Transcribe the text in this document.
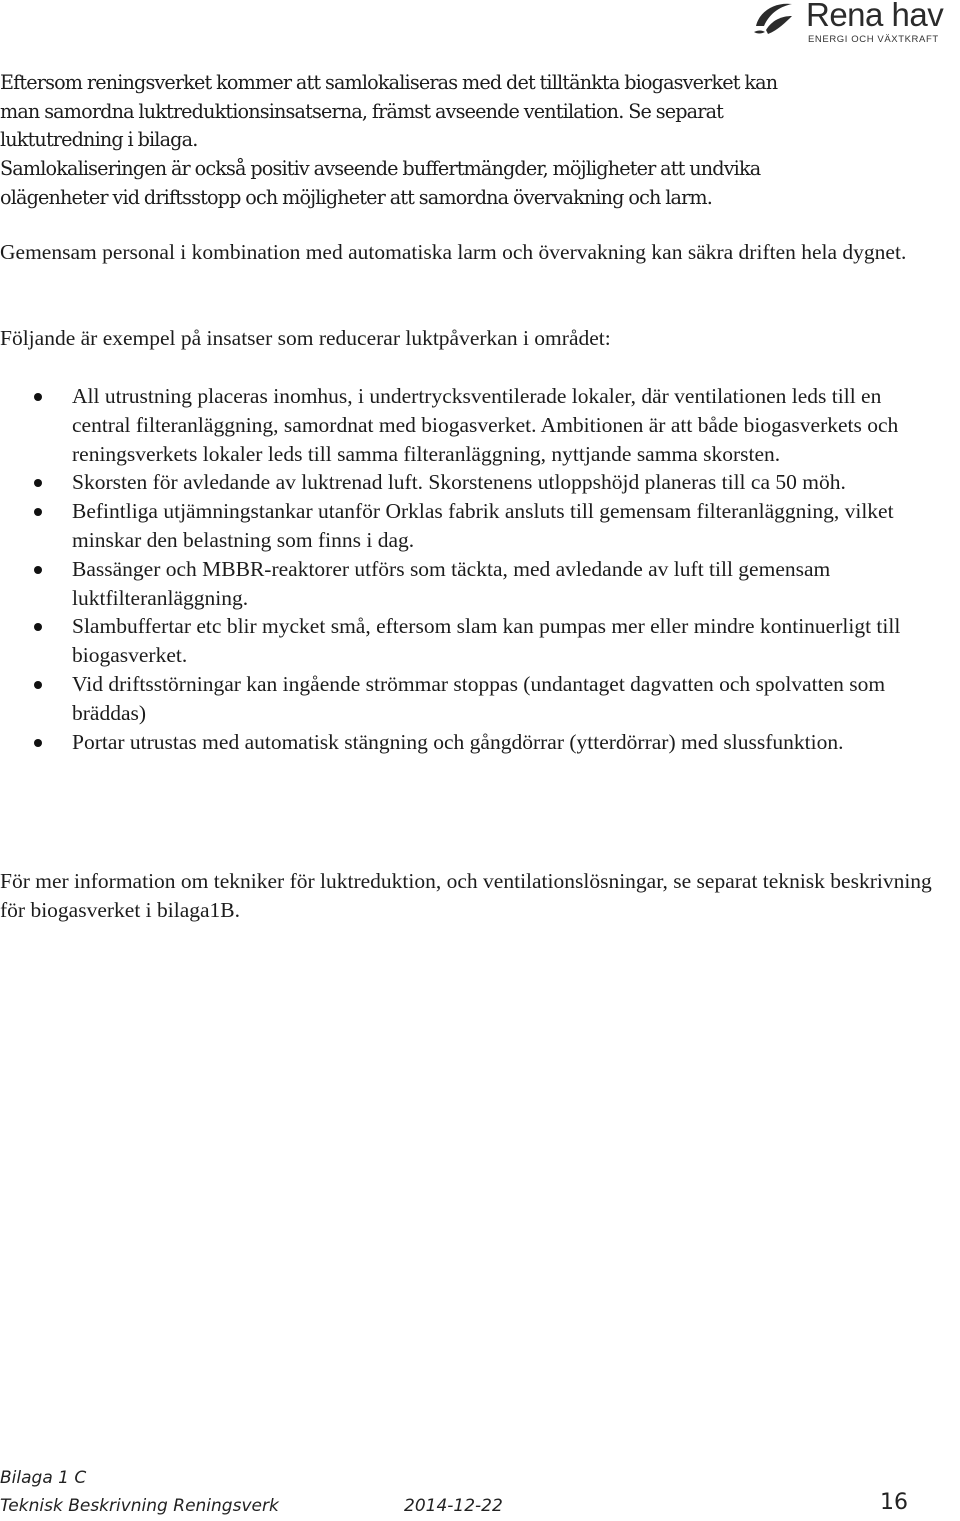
Rena hav
ENERGI OCH VÄXTKRAFT

Eftersom reningsverket kommer att samlokaliseras med det tilltänkta biogasverket kan

man samordna luktreduktionsinsatserna, främst avseende ventilation. Se separat

luktutredning i bilaga.

Samlokaliseringen är också positiv avseende buffertmängder, möjligheter att undvika

olägenheter vid driftsstopp och möjligheter att samordna övervakning och larm.

Gemensam personal i kombination med automatiska larm och övervakning kan säkra driften hela dygnet.

Följande är exempel på insatser som reducerar luktpåverkan i området:

All utrustning placeras inomhus, i undertrycksventilerade lokaler, där ventilationen leds till en central filteranläggning, samordnat med biogasverket. Ambitionen är att både biogasverkets och reningsverkets lokaler leds till samma filteranläggning, nyttjande samma skorsten.
Skorsten för avledande av luktrenad luft. Skorstenens utloppshöjd planeras till ca 50 möh.
Befintliga utjämningstankar utanför Orklas fabrik ansluts till gemensam filteranläggning, vilket minskar den belastning som finns i dag.
Bassänger och MBBR-reaktorer utförs som täckta, med avledande av luft till gemensam luktfilteranläggning.
Slambuffertar etc blir mycket små, eftersom slam kan pumpas mer eller mindre kontinuerligt till biogasverket.
Vid driftsstörningar kan ingående strömmar stoppas (undantaget dagvatten och spolvatten som bräddas)
Portar utrustas med automatisk stängning och gångdörrar (ytterdörrar) med slussfunktion.

För mer information om tekniker för luktreduktion, och ventilationslösningar, se separat teknisk beskrivning för biogasverket i bilaga1B.

Bilaga 1 C
Teknisk Beskrivning Reningsverk	2014-12-22	16
